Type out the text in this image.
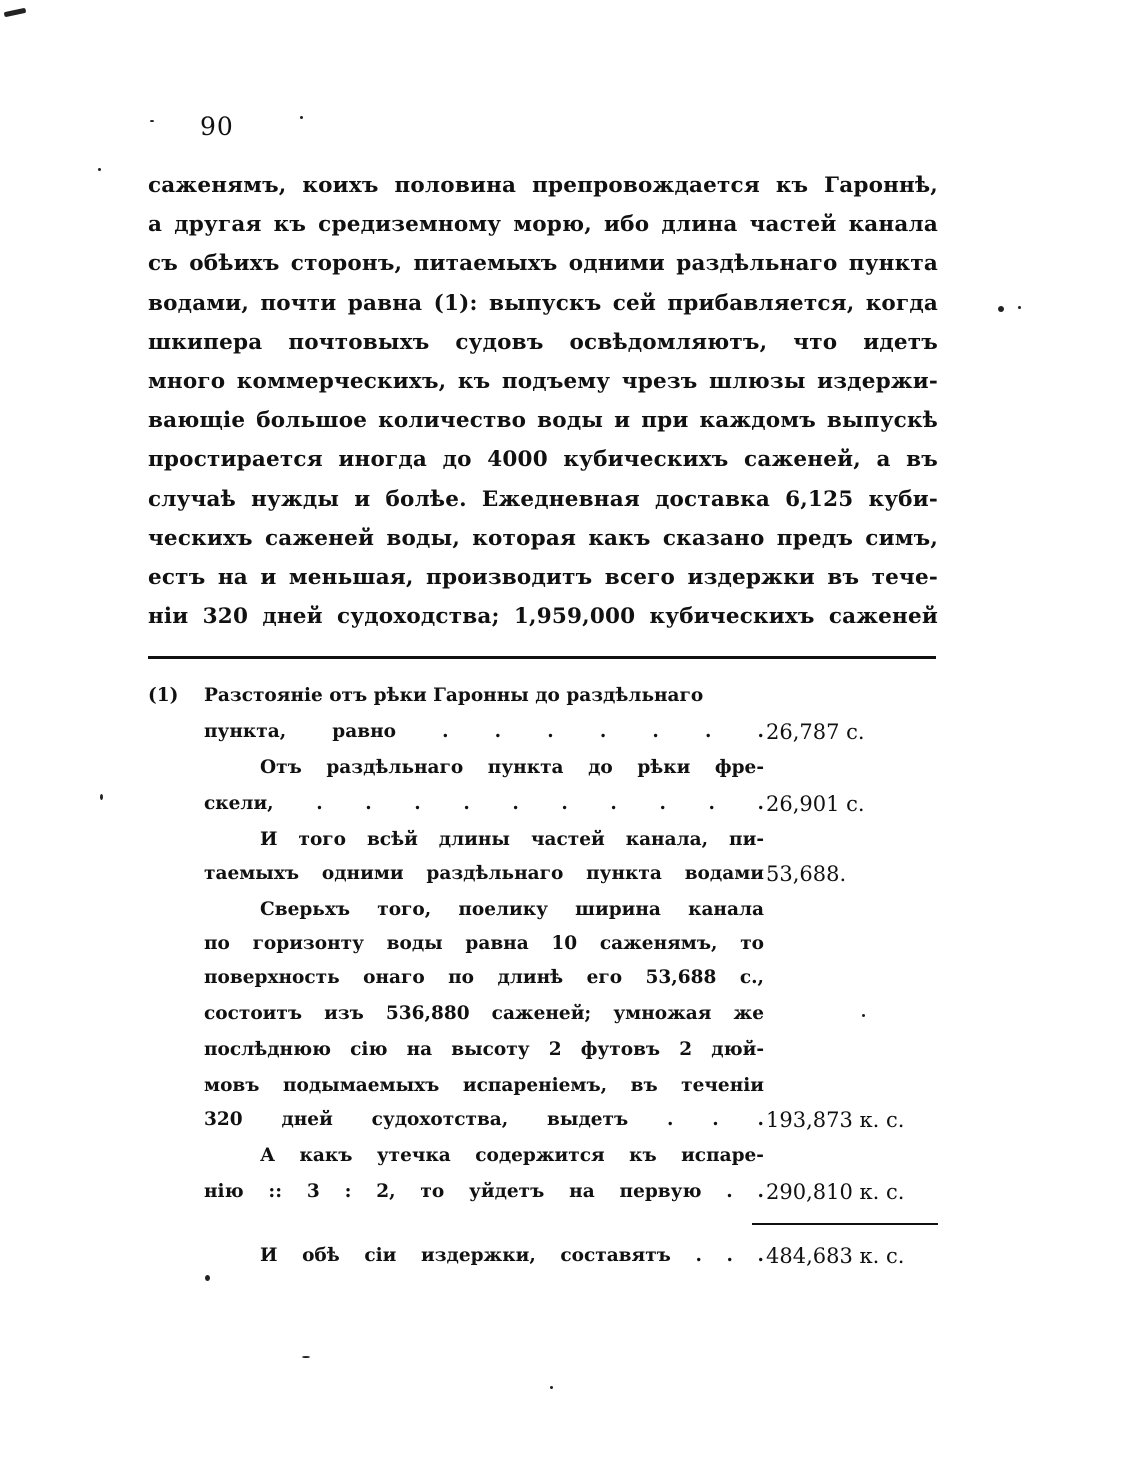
90
саженямъ, коихъ половина препровождается къ Гароннѣ,
а другая къ средиземному морю, ибо длина частей канала
съ обѣихъ сторонъ, питаемыхъ одними раздѣльнаго пункта
водами, почти равна (1): выпускъ сей прибавляется, когда
шкипера почтовыхъ судовъ освѣдомляютъ, что идетъ
много коммерческихъ, къ подъему чрезъ шлюзы издержи-
вающіе большое количество воды и при каждомъ выпускѣ
простирается иногда до 4000 кубическихъ саженей, а въ
случаѣ нужды и болѣе. Ежедневная доставка 6,125 куби-
ческихъ саженей воды, которая какъ сказано предъ симъ,
естъ на и меньшая, производитъ всего издержки въ тече-
ніи 320 дней судоходства; 1,959,000 кубическихъ саженей
(1) Разстояніе отъ рѣки Гаронны до раздѣльнаго
пункта, равно . . . . . . . 26,787 с.
Отъ раздѣльнаго пункта до рѣки фре-
скели, . . . . . . . . . . 26,901 с.
И того всѣй длины частей канала, пи-
таемыхъ одними раздѣльнаго пункта водами 53,688.
Сверьхъ того, поелику ширина канала
по горизонту воды равна 10 саженямъ, то
поверхность онаго по длинѣ его 53,688 с.,
состоитъ изъ 536,880 саженей; умножая же
послѣднюю сію на высоту 2 футовъ 2 дюй-
мовъ подымаемыхъ испареніемъ, въ теченіи
320 дней судохотства, выдетъ . . . 193,873 к. с.
А какъ утечка содержится къ испаре-
нію :: 3 : 2, то уйдетъ на первую . . 290,810 к. с.
И обѣ сіи издержки, составятъ . . . 484,683 к. с.
